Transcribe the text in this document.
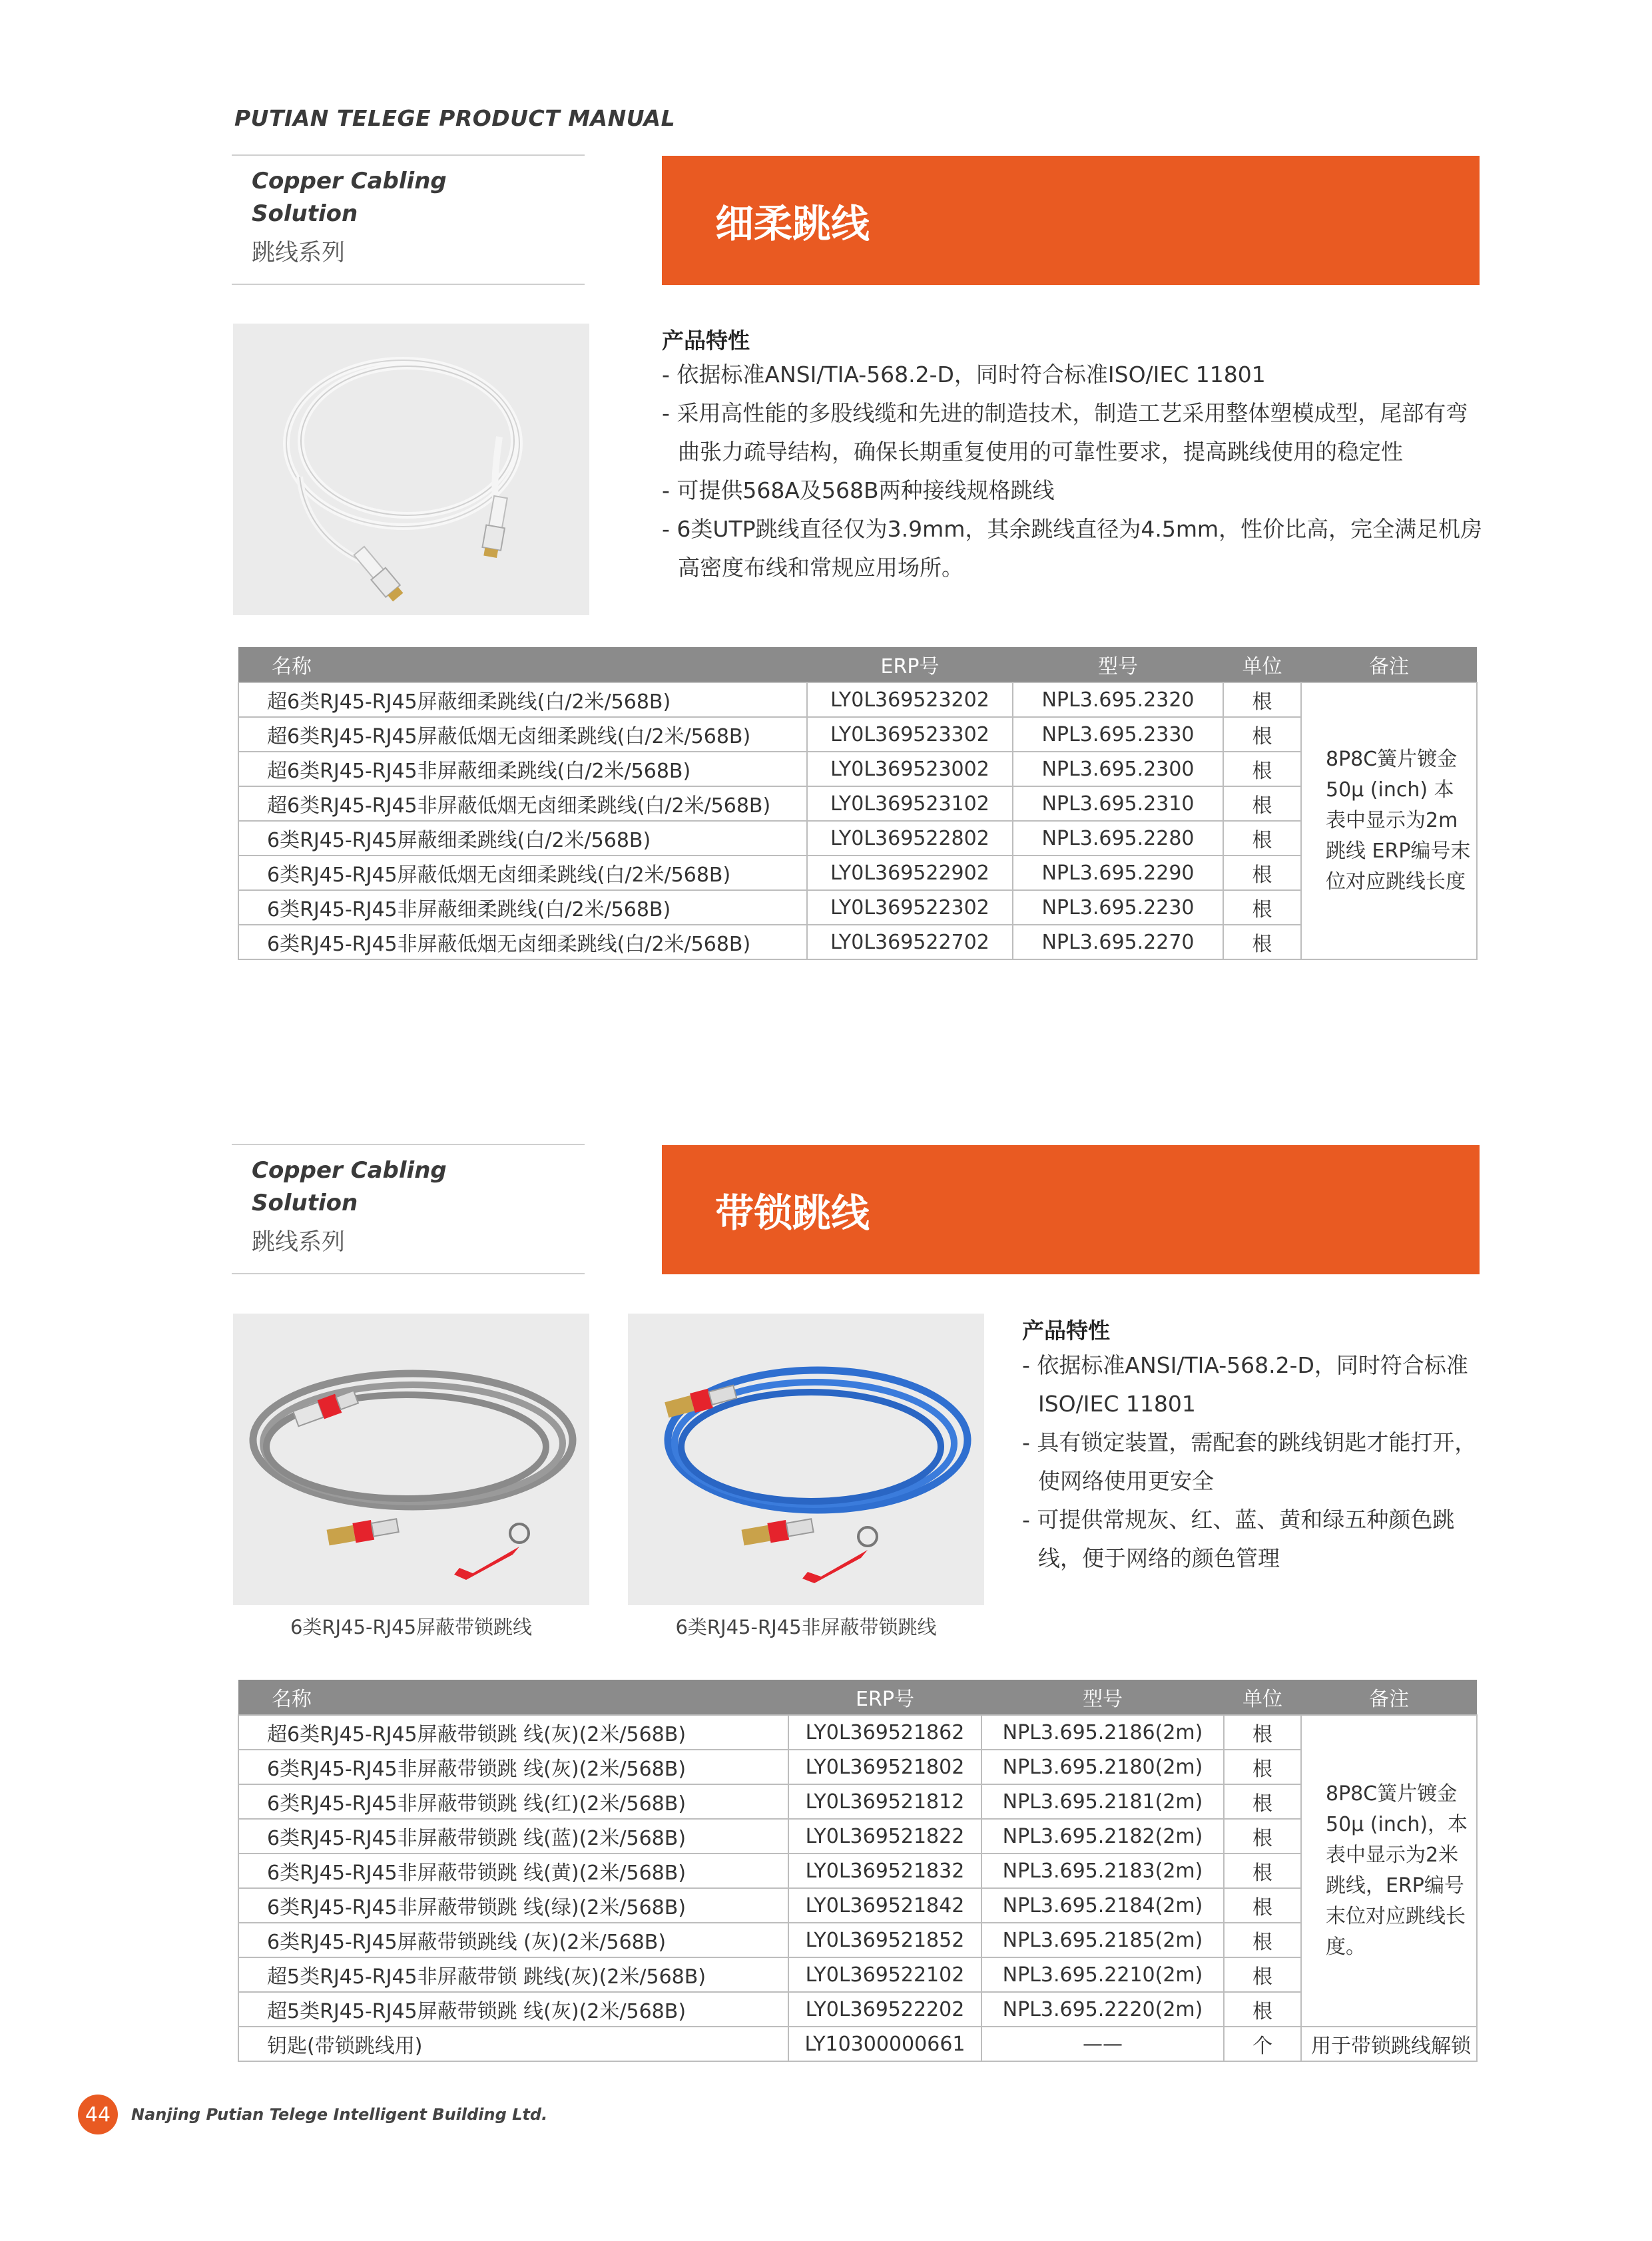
PUTIAN TELEGE PRODUCT MANUAL
Copper Cabling
Solution
跳线系列
细柔跳线
产品特性
- 依据标准ANSI/TIA-568.2-D，同时符合标准ISO/IEC 11801
- 采用高性能的多股线缆和先进的制造技术，制造工艺采用整体塑模成型，尾部有弯曲张力疏导结构，确保长期重复使用的可靠性要求，提高跳线使用的稳定性
- 可提供568A及568B两种接线规格跳线
- 6类UTP跳线直径仅为3.9mm，其余跳线直径为4.5mm，性价比高，完全满足机房高密度布线和常规应用场所。
名称	ERP号	型号	单位	备注
超6类RJ45-RJ45屏蔽细柔跳线(白/2米/568B)	LY0L369523202	NPL3.695.2320	根	8P8C簧片镀金50μ (inch) 本表中显示为2m跳线 ERP编号末位对应跳线长度
超6类RJ45-RJ45屏蔽低烟无卤细柔跳线(白/2米/568B)	LY0L369523302	NPL3.695.2330	根	
超6类RJ45-RJ45非屏蔽细柔跳线(白/2米/568B)	LY0L369523002	NPL3.695.2300	根	
超6类RJ45-RJ45非屏蔽低烟无卤细柔跳线(白/2米/568B)	LY0L369523102	NPL3.695.2310	根	
6类RJ45-RJ45屏蔽细柔跳线(白/2米/568B)	LY0L369522802	NPL3.695.2280	根	
6类RJ45-RJ45屏蔽低烟无卤细柔跳线(白/2米/568B)	LY0L369522902	NPL3.695.2290	根	
6类RJ45-RJ45非屏蔽细柔跳线(白/2米/568B)	LY0L369522302	NPL3.695.2230	根	
6类RJ45-RJ45非屏蔽低烟无卤细柔跳线(白/2米/568B)	LY0L369522702	NPL3.695.2270	根	
Copper Cabling
Solution
跳线系列
带锁跳线
6类RJ45-RJ45屏蔽带锁跳线	6类RJ45-RJ45非屏蔽带锁跳线
产品特性
- 依据标准ANSI/TIA-568.2-D，同时符合标准ISO/IEC 11801
- 具有锁定装置，需配套的跳线钥匙才能打开，使网络使用更安全
- 可提供常规灰、红、蓝、黄和绿五种颜色跳线，便于网络的颜色管理
名称	ERP号	型号	单位	备注
超6类RJ45-RJ45屏蔽带锁跳 线(灰)(2米/568B)	LY0L369521862	NPL3.695.2186(2m)	根	8P8C簧片镀金50μ (inch)，本表中显示为2米跳线，ERP编号末位对应跳线长度。
6类RJ45-RJ45非屏蔽带锁跳 线(灰)(2米/568B)	LY0L369521802	NPL3.695.2180(2m)	根	
6类RJ45-RJ45非屏蔽带锁跳 线(红)(2米/568B)	LY0L369521812	NPL3.695.2181(2m)	根	
6类RJ45-RJ45非屏蔽带锁跳 线(蓝)(2米/568B)	LY0L369521822	NPL3.695.2182(2m)	根	
6类RJ45-RJ45非屏蔽带锁跳 线(黄)(2米/568B)	LY0L369521832	NPL3.695.2183(2m)	根	
6类RJ45-RJ45非屏蔽带锁跳 线(绿)(2米/568B)	LY0L369521842	NPL3.695.2184(2m)	根	
6类RJ45-RJ45屏蔽带锁跳线 (灰)(2米/568B)	LY0L369521852	NPL3.695.2185(2m)	根	
超5类RJ45-RJ45非屏蔽带锁 跳线(灰)(2米/568B)	LY0L369522102	NPL3.695.2210(2m)	根	
超5类RJ45-RJ45屏蔽带锁跳 线(灰)(2米/568B)	LY0L369522202	NPL3.695.2220(2m)	根	
钥匙(带锁跳线用)	LY10300000661	——	个	用于带锁跳线解锁
44	Nanjing Putian Telege Intelligent Building Ltd.
